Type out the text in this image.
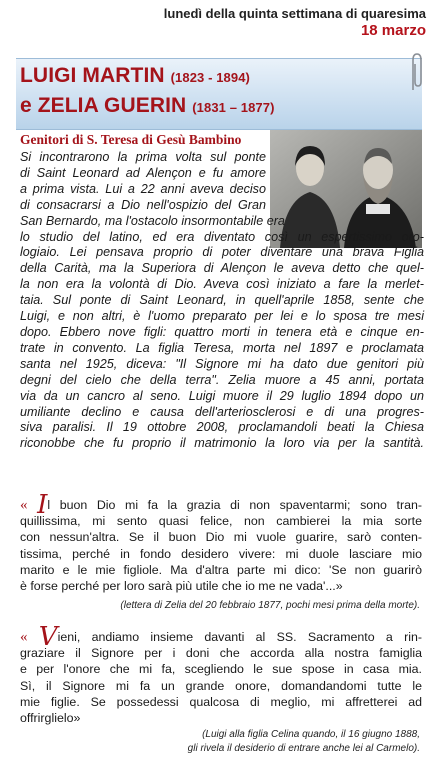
lunedì della quinta settimana di quaresima
18 marzo
LUIGI MARTIN (1823 - 1894)
e ZELIA GUERIN (1831 – 1877)
Genitori di S. Teresa di Gesù Bambino
Si incontrarono la prima volta sul ponte
di Saint Leonard ad Alençon e fu amore
a prima vista. Lui a 22 anni aveva deciso
di consacrarsi a Dio nell'ospizio del Gran
San Bernardo, ma l'ostacolo insormontabile era
lo studio del latino, ed era diventato così un espertissimo oro-
logiaio. Lei pensava proprio di poter diventare una brava Figlia
della Carità, ma la Superiora di Alençon le aveva detto che quel-
la non era la volontà di Dio. Aveva così iniziato a fare la merlet-
taia. Sul ponte di Saint Leonard, in quell'aprile 1858, sente che
Luigi, e non altri, è l'uomo preparato per lei e lo sposa tre mesi
dopo. Ebbero nove figli: quattro morti in tenera età e cinque en-
trate in convento. La figlia Teresa, morta nel 1897 e proclamata
santa nel 1925, diceva: "Il Signore mi ha dato due genitori più
degni del cielo che della terra". Zelia muore a 45 anni, portata
via da un cancro al seno. Luigi muore il 29 luglio 1894 dopo un
umiliante declino e causa dell'arteriosclerosi e di una progres-
siva paralisi. Il 19 ottobre 2008, proclamandoli beati la Chiesa
riconobbe che fu proprio il matrimonio la loro via per la santità.
« Il buon Dio mi fa la grazia di non spaventarmi; sono tran-
quillissima, mi sento quasi felice, non cambierei la mia sorte
con nessun'altra. Se il buon Dio mi vuole guarire, sarò conten-
tissima, perché in fondo desidero vivere: mi duole lasciare mio
marito e le mie figliole. Ma d'altra parte mi dico: 'Se non guarirò
è forse perché per loro sarà più utile che io me ne vada'...»
(lettera di Zelia del 20 febbraio 1877, pochi mesi prima della morte).
« Vieni, andiamo insieme davanti al SS. Sacramento a rin-
graziare il Signore per i doni che accorda alla nostra famiglia
e per l'onore che mi fa, scegliendo le sue spose in casa mia.
Sì, il Signore mi fa un grande onore, domandandomi tutte le
mie figlie. Se possedessi qualcosa di meglio, mi affretterei ad
offrirglielo»
(Luigi alla figlia Celina quando, il 16 giugno 1888,
gli rivela il desiderio di entrare anche lei al Carmelo).
